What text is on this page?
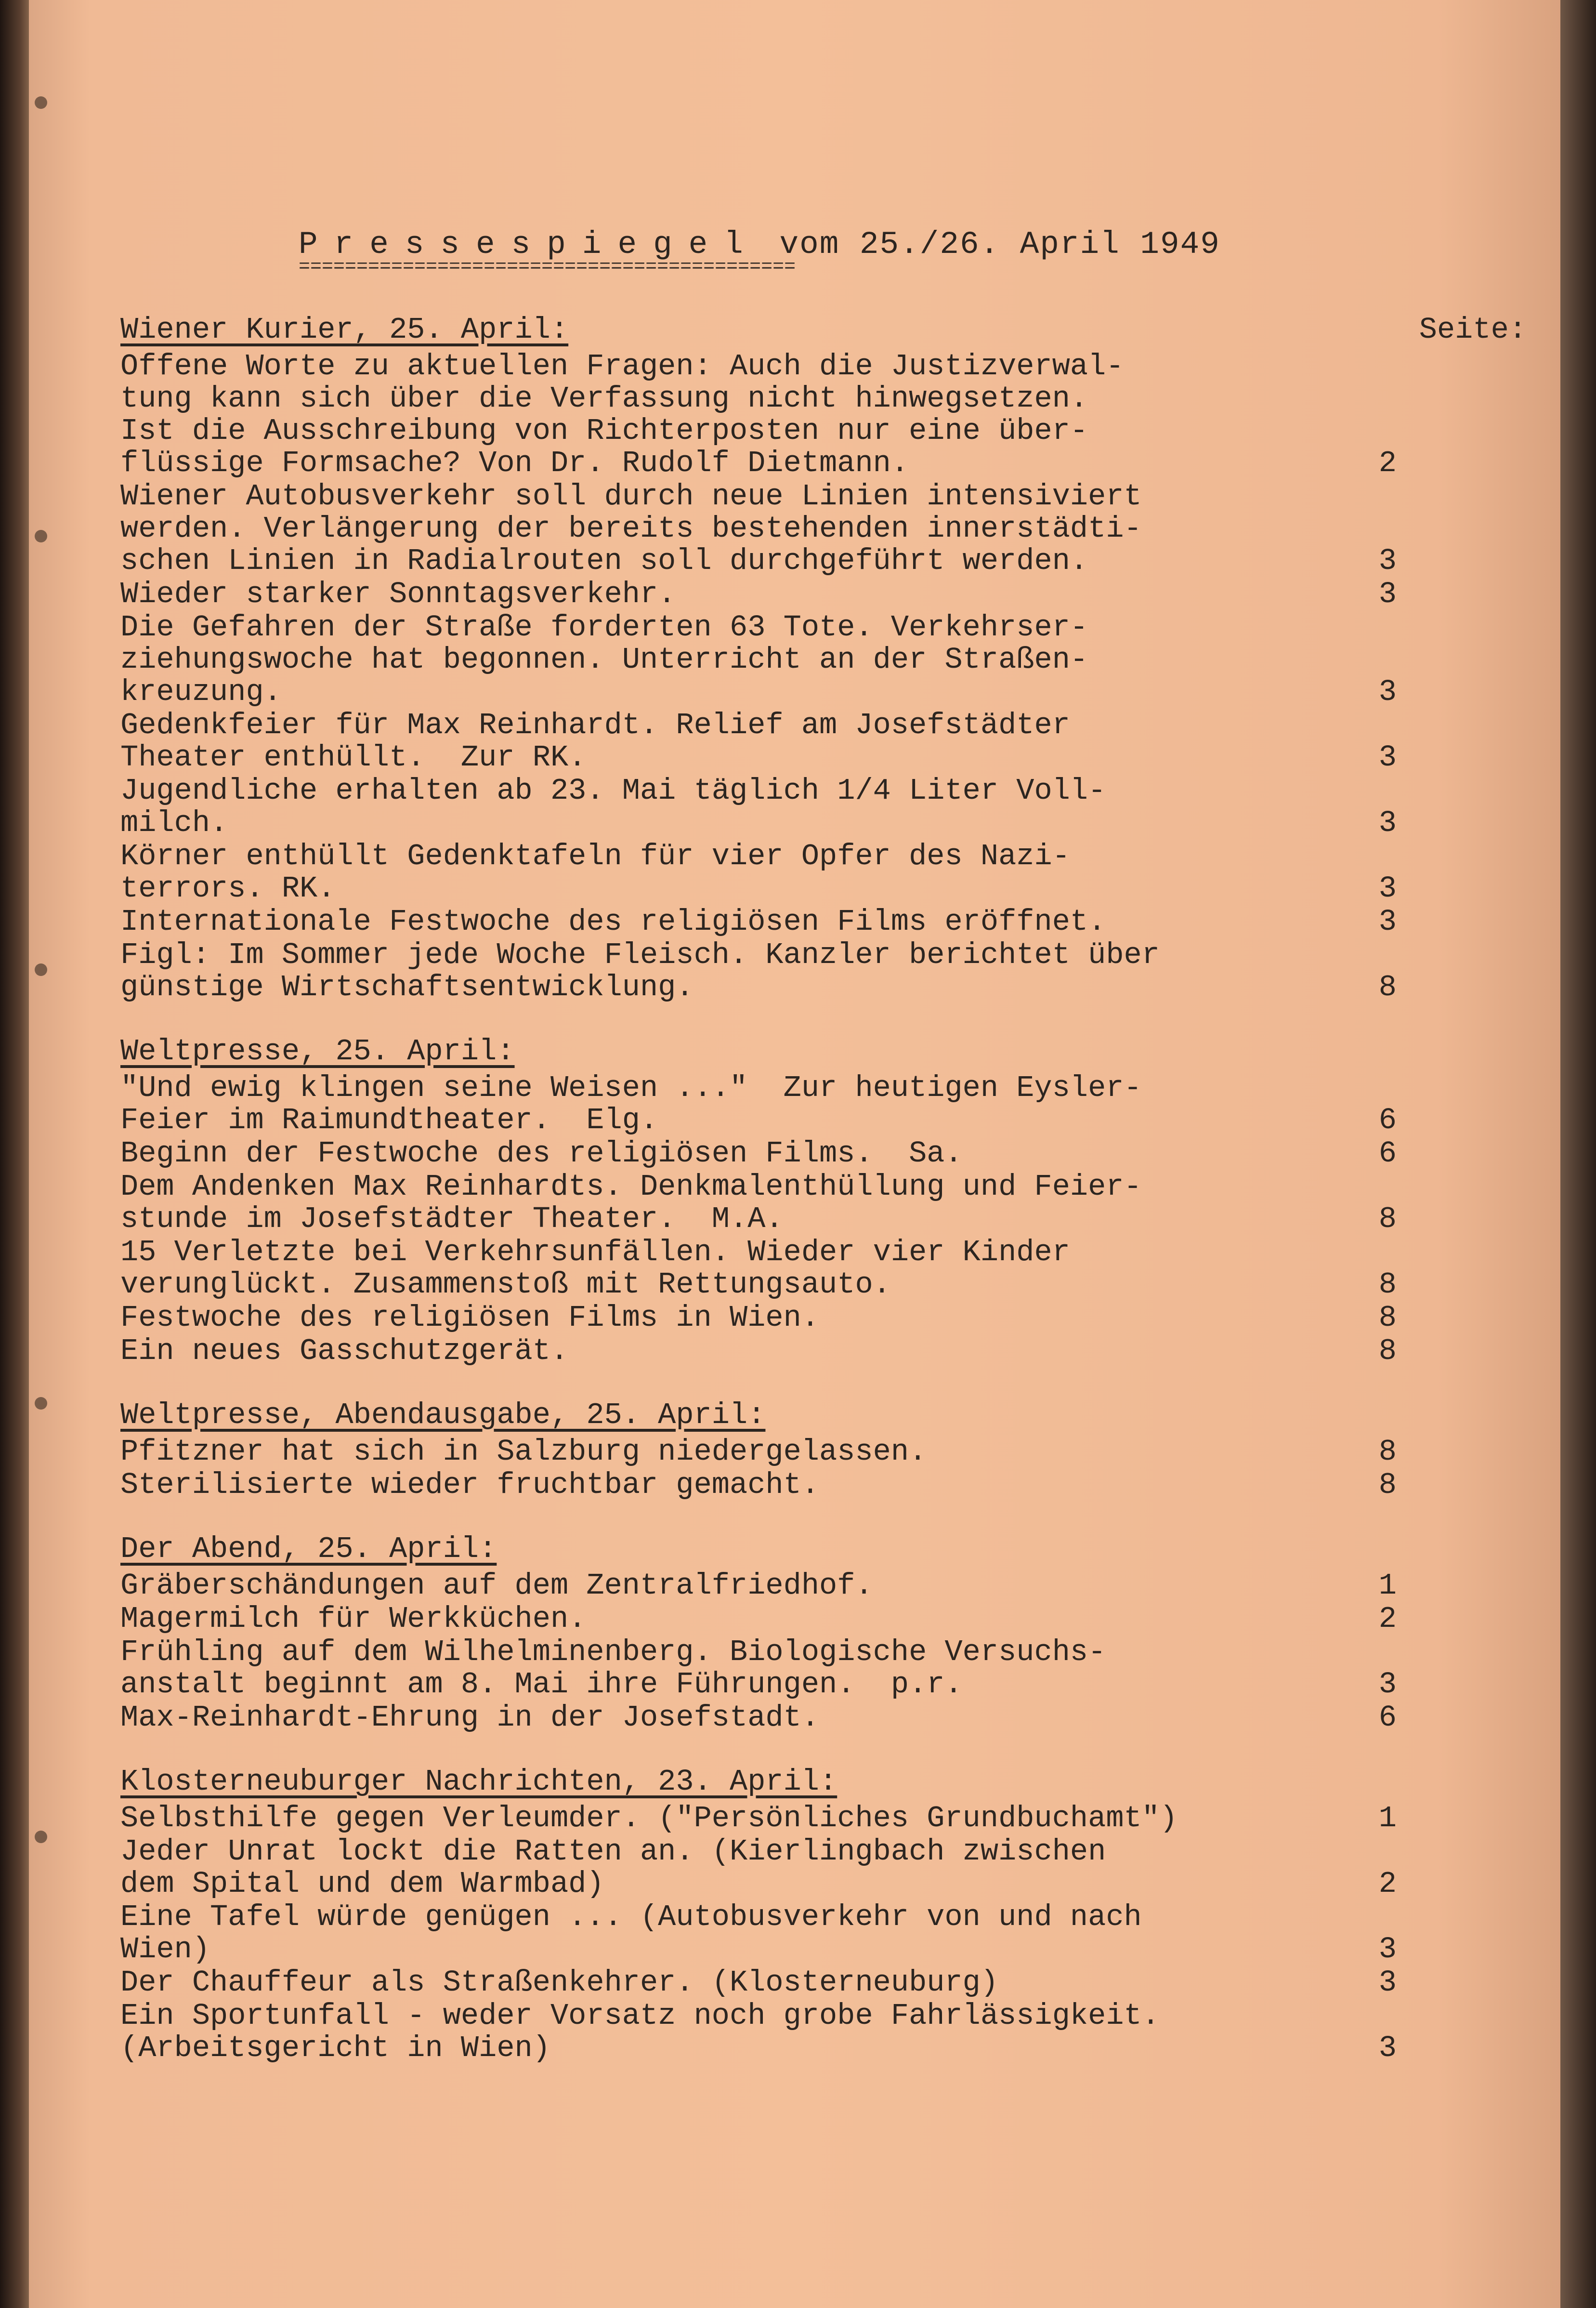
Pressespiegel vom 25./26. April 1949
===========================================
Wiener Kurier, 25. April:	Seite:
Offene Worte zu aktuellen Fragen: Auch die Justizverwal-
tung kann sich über die Verfassung nicht hinwegsetzen.
Ist die Ausschreibung von Richterposten nur eine über-
flüssige Formsache? Von Dr. Rudolf Dietmann.	2
Wiener Autobusverkehr soll durch neue Linien intensiviert
werden. Verlängerung der bereits bestehenden innerstädti-
schen Linien in Radialrouten soll durchgeführt werden.	3
Wieder starker Sonntagsverkehr.	3
Die Gefahren der Straße forderten 63 Tote. Verkehrser-
ziehungswoche hat begonnen. Unterricht an der Straßen-
kreuzung.	3
Gedenkfeier für Max Reinhardt. Relief am Josefstädter
Theater enthüllt.  Zur RK.	3
Jugendliche erhalten ab 23. Mai täglich 1/4 Liter Voll-
milch.	3
Körner enthüllt Gedenktafeln für vier Opfer des Nazi-
terrors. RK.	3
Internationale Festwoche des religiösen Films eröffnet.	3
Figl: Im Sommer jede Woche Fleisch. Kanzler berichtet über
günstige Wirtschaftsentwicklung.	8
Weltpresse, 25. April:
"Und ewig klingen seine Weisen ..."  Zur heutigen Eysler-
Feier im Raimundtheater.  Elg.	6
Beginn der Festwoche des religiösen Films.  Sa.	6
Dem Andenken Max Reinhardts. Denkmalenthüllung und Feier-
stunde im Josefstädter Theater.  M.A.	8
15 Verletzte bei Verkehrsunfällen. Wieder vier Kinder
verunglückt. Zusammenstoß mit Rettungsauto.	8
Festwoche des religiösen Films in Wien.	8
Ein neues Gasschutzgerät.	8
Weltpresse, Abendausgabe, 25. April:
Pfitzner hat sich in Salzburg niedergelassen.	8
Sterilisierte wieder fruchtbar gemacht.	8
Der Abend, 25. April:
Gräberschändungen auf dem Zentralfriedhof.	1
Magermilch für Werkküchen.	2
Frühling auf dem Wilhelminenberg. Biologische Versuchs-
anstalt beginnt am 8. Mai ihre Führungen.  p.r.	3
Max-Reinhardt-Ehrung in der Josefstadt.	6
Klosterneuburger Nachrichten, 23. April:
Selbsthilfe gegen Verleumder. ("Persönliches Grundbuchamt")	1
Jeder Unrat lockt die Ratten an. (Kierlingbach zwischen
dem Spital und dem Warmbad)	2
Eine Tafel würde genügen ... (Autobusverkehr von und nach
Wien)	3
Der Chauffeur als Straßenkehrer. (Klosterneuburg)	3
Ein Sportunfall - weder Vorsatz noch grobe Fahrlässigkeit.
(Arbeitsgericht in Wien)	3
